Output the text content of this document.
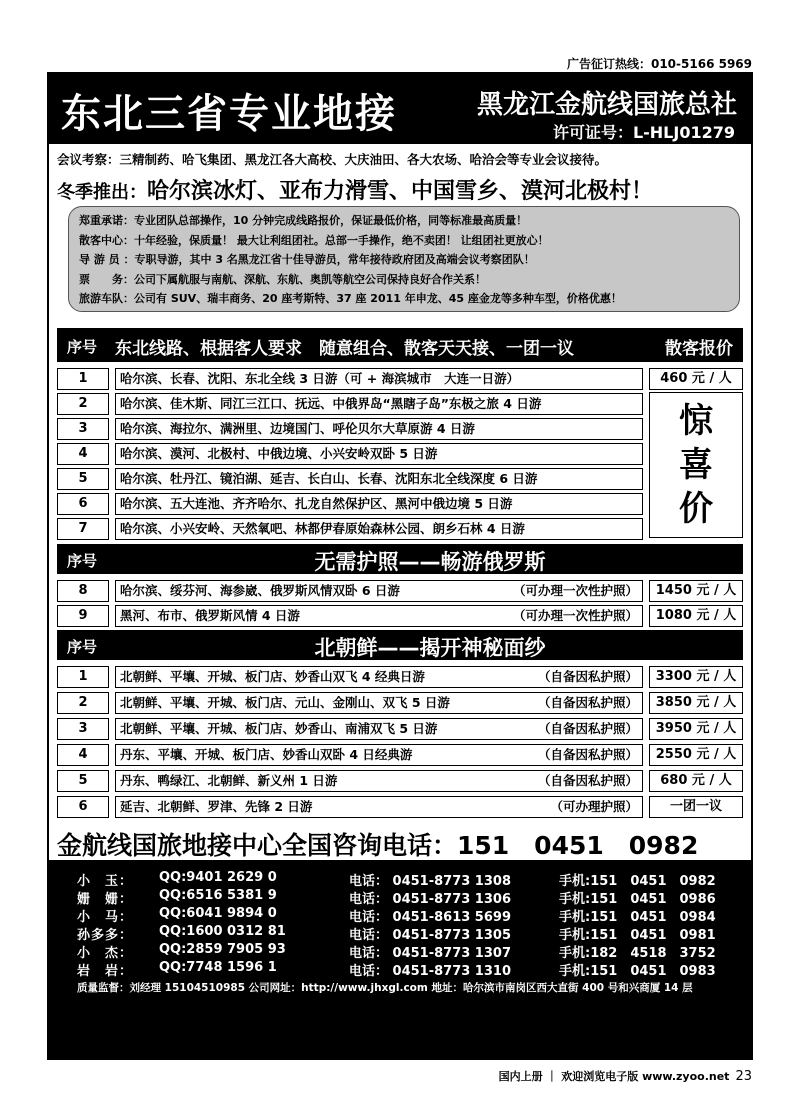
广告征订热线：010-5166 5969
东北三省专业地接	黑龙江金航线国旅总社
许可证号：L-HLJ01279
会议考察：三精制药、哈飞集团、黑龙江各大高校、大庆油田、各大农场、哈洽会等专业会议接待。
冬季推出：哈尔滨冰灯、亚布力滑雪、中国雪乡、漠河北极村！
郑重承诺：专业团队总部操作，10 分钟完成线路报价，保证最低价格，同等标准最高质量！
散客中心：十年经验，保质量！ 最大让利组团社。总部一手操作，绝不卖团！ 让组团社更放心！
导 游 员 ：专职导游，其中 3 名黑龙江省十佳导游员，常年接待政府团及高端会议考察团队！
票　　务：公司下属航服与南航、深航、东航、奥凯等航空公司保持良好合作关系！
旅游车队：公司有 SUV、瑞丰商务、20 座考斯特、37 座 2011 年申龙、45 座金龙等多种车型，价格优惠！
序号 东北线路、根据客人要求　随意组合、散客天天接、一团一议	散客报价
1	哈尔滨、长春、沈阳、东北全线 3 日游（可 + 海滨城市　大连一日游）	460 元 / 人
2	哈尔滨、佳木斯、同江三江口、抚远、中俄界岛“黑瞎子岛”东极之旅 4 日游
3	哈尔滨、海拉尔、满洲里、边境国门、呼伦贝尔大草原游 4 日游
4	哈尔滨、漠河、北极村、中俄边境、小兴安岭双卧 5 日游
5	哈尔滨、牡丹江、镜泊湖、延吉、长白山、长春、沈阳东北全线深度 6 日游
6	哈尔滨、五大连池、齐齐哈尔、扎龙自然保护区、黑河中俄边境 5 日游
7	哈尔滨、小兴安岭、天然氧吧、林都伊春原始森林公园、朗乡石林 4 日游
惊
喜
价
序号	无需护照——畅游俄罗斯
8	哈尔滨、绥芬河、海参崴、俄罗斯风情双卧 6 日游	（可办理一次性护照）	1450 元 / 人
9	黑河、布市、俄罗斯风情 4 日游	（可办理一次性护照）	1080 元 / 人
序号	北朝鲜——揭开神秘面纱
1	北朝鲜、平壤、开城、板门店、妙香山双飞 4 经典日游	（自备因私护照）	3300 元 / 人
2	北朝鲜、平壤、开城、板门店、元山、金刚山、双飞 5 日游	（自备因私护照）	3850 元 / 人
3	北朝鲜、平壤、开城、板门店、妙香山、南浦双飞 5 日游	（自备因私护照）	3950 元 / 人
4	丹东、平壤、开城、板门店、妙香山双卧 4 日经典游	（自备因私护照）	2550 元 / 人
5	丹东、鸭绿江、北朝鲜、新义州 1 日游	（自备因私护照）	680 元 / 人
6	延吉、北朝鲜、罗津、先锋 2 日游	（可办理护照）	一团一议
金航线国旅地接中心全国咨询电话：151　0451　0982
小　玉：	QQ:9401 2629 0	电话： 0451-8773 1308	手机:151　0451　0982
姗　姗：	QQ:6516 5381 9	电话： 0451-8773 1306	手机:151　0451　0986
小　马：	QQ:6041 9894 0	电话： 0451-8613 5699	手机:151　0451　0984
孙多多：	QQ:1600 0312 81	电话： 0451-8773 1305	手机:151　0451　0981
小　杰：	QQ:2859 7905 93	电话： 0451-8773 1307	手机:182　4518　3752
岩　岩：	QQ:7748 1596 1	电话： 0451-8773 1310	手机:151　0451　0983
质量监督：刘经理 15104510985 公司网址：http://www.jhxgl.com 地址：哈尔滨市南岗区西大直街 400 号和兴商厦 14 层
国内上册 ｜ 欢迎浏览电子版 www.zyoo.net 23
